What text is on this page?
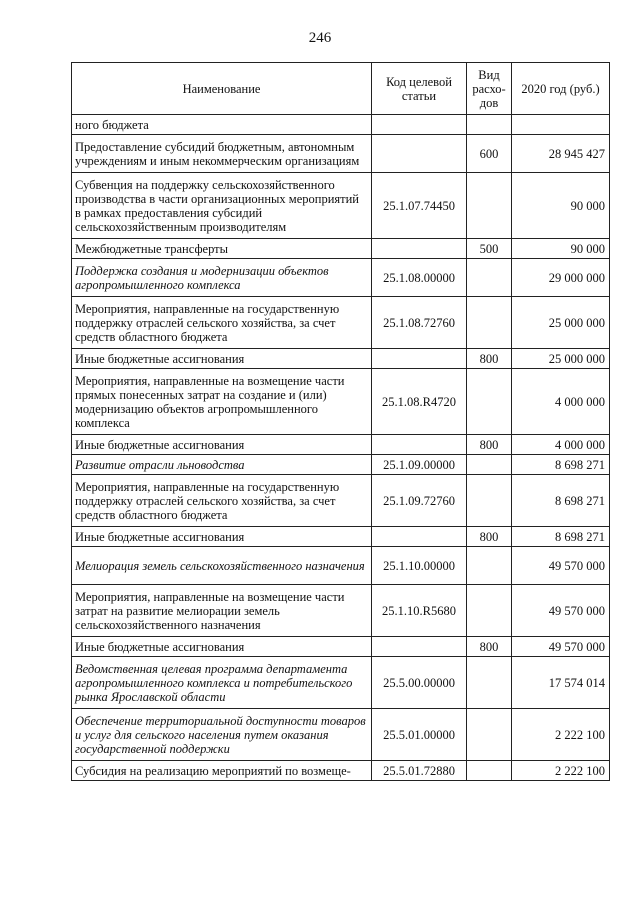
246
Наименование	Код целевой статьи	Вид расхо-дов	2020 год (руб.)
ного бюджета			
Предоставление субсидий бюджетным, автономным учреждениям и иным некоммерческим организациям		600	28 945 427
Субвенция на поддержку сельскохозяйственного производства в части организационных мероприятий в рамках предоставления субсидий сельскохозяйственным производителям	25.1.07.74450		90 000
Межбюджетные трансферты		500	90 000
Поддержка создания и модернизации объектов агропромышленного комплекса	25.1.08.00000		29 000 000
Мероприятия, направленные на государственную поддержку отраслей сельского хозяйства, за счет средств областного бюджета	25.1.08.72760		25 000 000
Иные бюджетные ассигнования		800	25 000 000
Мероприятия, направленные на возмещение части прямых понесенных затрат на создание и (или) модернизацию объектов агропромышленного комплекса	25.1.08.R4720		4 000 000
Иные бюджетные ассигнования		800	4 000 000
Развитие отрасли льноводства	25.1.09.00000		8 698 271
Мероприятия, направленные на государственную поддержку отраслей сельского хозяйства, за счет средств областного бюджета	25.1.09.72760		8 698 271
Иные бюджетные ассигнования		800	8 698 271
Мелиорация земель сельскохозяйственного назначения	25.1.10.00000		49 570 000
Мероприятия, направленные на возмещение части затрат на развитие мелиорации земель сельскохозяйственного назначения	25.1.10.R5680		49 570 000
Иные бюджетные ассигнования		800	49 570 000
Ведомственная целевая программа департамента агропромышленного комплекса и потребительского рынка Ярославской области	25.5.00.00000		17 574 014
Обеспечение территориальной доступности товаров и услуг для сельского населения путем оказания государственной поддержки	25.5.01.00000		2 222 100
Субсидия на реализацию мероприятий по возмеще-	25.5.01.72880		2 222 100
